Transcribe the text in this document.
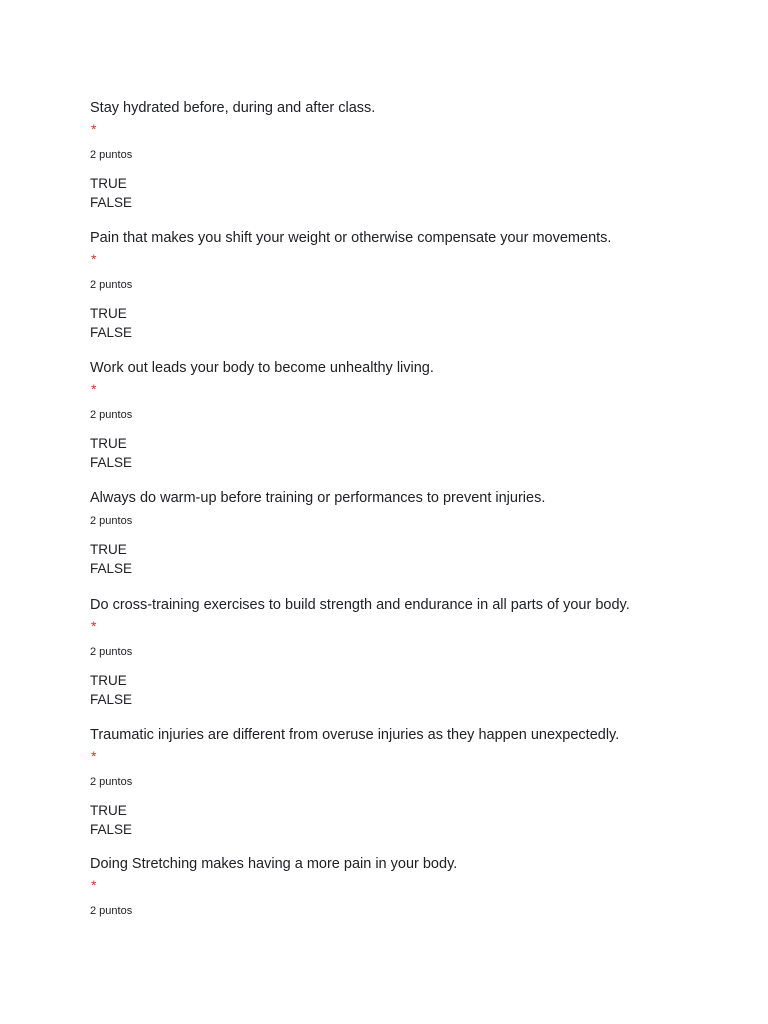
Stay hydrated before, during and after class.

*
2 puntos
TRUE
FALSE

Pain that makes you shift your weight or otherwise compensate your movements.

*
2 puntos
TRUE
FALSE

Work out leads your body to become unhealthy living.

*
2 puntos
TRUE
FALSE

Always do warm-up before training or performances to prevent injuries.

2 puntos
TRUE
FALSE

Do cross-training exercises to build strength and endurance in all parts of your body.

*
2 puntos
TRUE
FALSE

Traumatic injuries are different from overuse injuries as they happen unexpectedly.

*
2 puntos
TRUE
FALSE

Doing Stretching makes having a more pain in your body.

*
2 puntos
